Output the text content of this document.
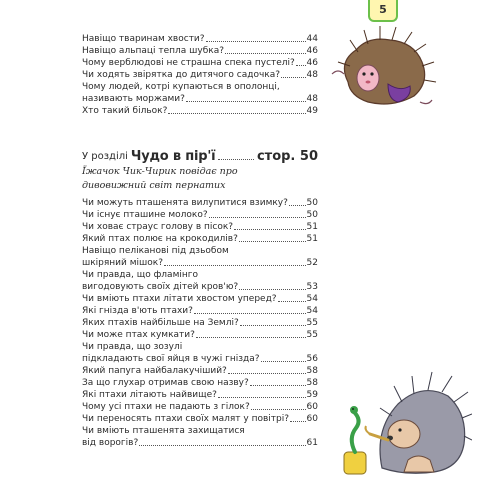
5
Навіщо тваринам хвости?	44
Навіщо альпаці тепла шубка?	46
Чому верблюдові не страшна спека пустелі? 46
Чи ходять звірятка до дитячого садочка?	48
Чому людей, котрі купаються в ополонці,
називають моржами?	48
Хто такий більок?	49
У розділі Чудо в пір'ї	стор. 50
Їжачок Чик-Чирик повідає про
дивовижний світ пернатих
Чи можуть пташенята вилупитися взимку? 50
Чи існує пташине молоко?	50
Чи ховає страус голову в пісок?	51
Який птах полює на крокодилів?	51
Навіщо пеліканові під дзьобом
шкіряний мішок?	52
Чи правда, що фламінго
вигодовують своїх дітей кров'ю?	53
Чи вміють птахи літати хвостом уперед?	54
Які гнізда в'ють птахи?	54
Яких птахів найбільше на Землі?	55
Чи може птах кумкати?	55
Чи правда, що зозулі
підкладають свої яйця в чужі гнізда?	56
Який папуга найбалакучіший?	58
За що глухар отримав свою назву?	58
Які птахи літають найвище?	59
Чому усі птахи не падають з гілок?	60
Чи переносять птахи своїх малят у повітрі? 60
Чи вміють пташенята захищатися
від ворогів?	61
